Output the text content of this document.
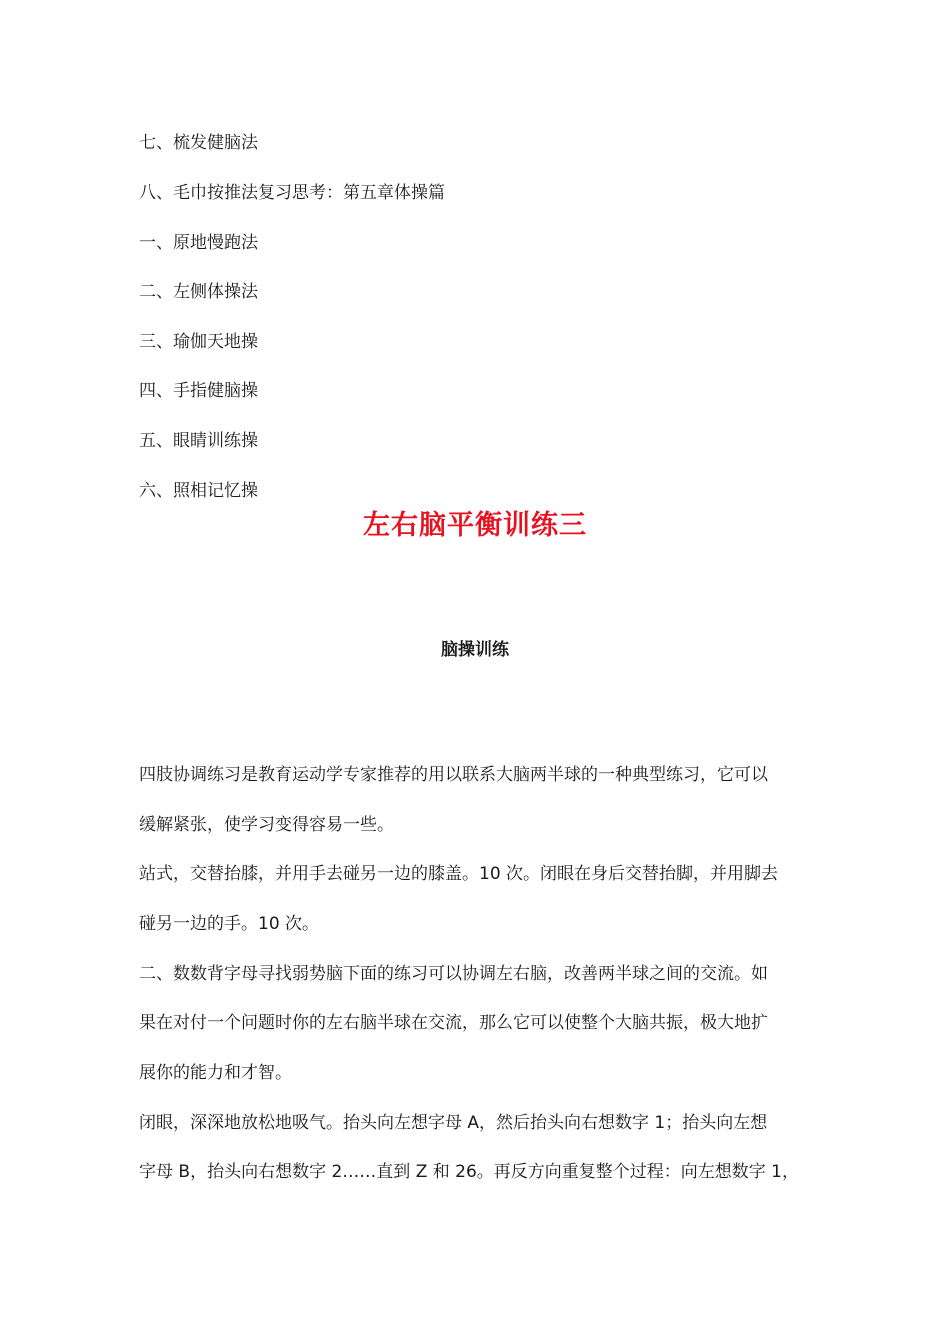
七、梳发健脑法
八、毛巾按推法复习思考：第五章体操篇
一、原地慢跑法
二、左侧体操法
三、瑜伽天地操
四、手指健脑操
五、眼睛训练操
六、照相记忆操
左右脑平衡训练三
脑操训练
四肢协调练习是教育运动学专家推荐的用以联系大脑两半球的一种典型练习，它可以
缓解紧张，使学习变得容易一些。
站式，交替抬膝，并用手去碰另一边的膝盖。10 次。闭眼在身后交替抬脚，并用脚去
碰另一边的手。10 次。
二、数数背字母寻找弱势脑下面的练习可以协调左右脑，改善两半球之间的交流。如
果在对付一个问题时你的左右脑半球在交流，那么它可以使整个大脑共振，极大地扩
展你的能力和才智。
闭眼，深深地放松地吸气。抬头向左想字母 A，然后抬头向右想数字 1；抬头向左想
字母 B，抬头向右想数字 2……直到 Z 和 26。再反方向重复整个过程：向左想数字 1，
